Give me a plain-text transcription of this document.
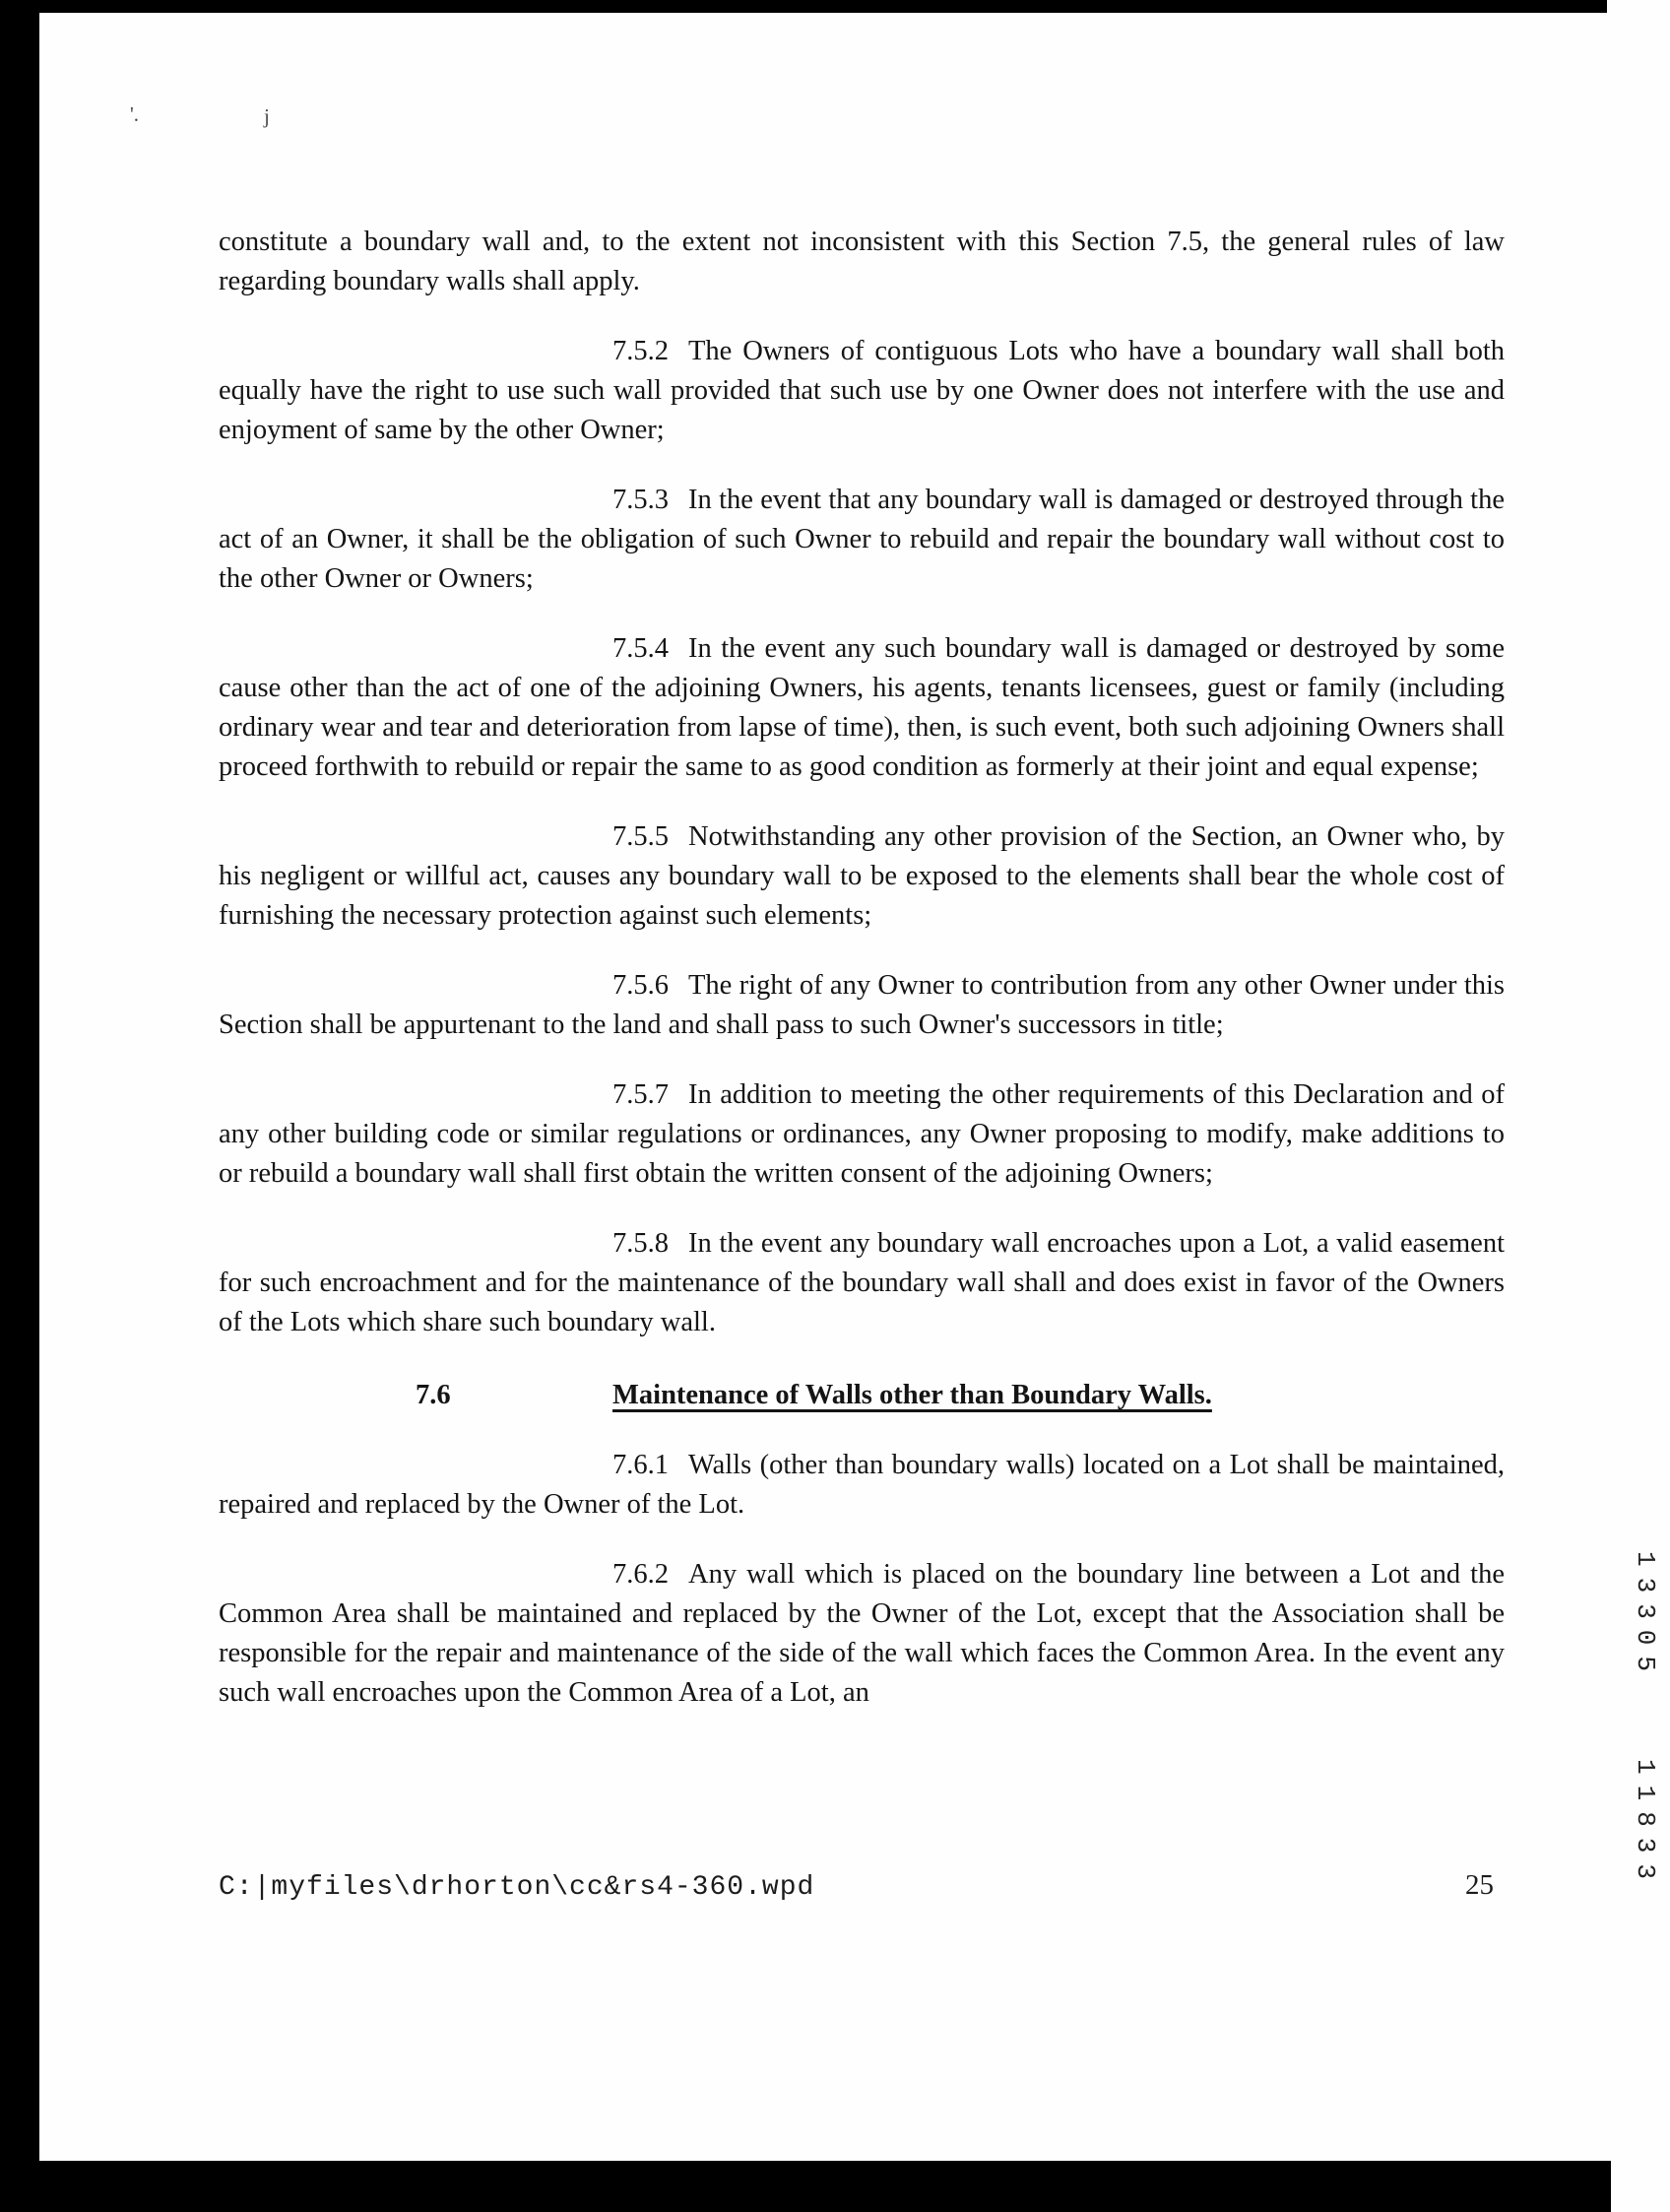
'.	j
13305
11833

constitute a boundary wall and, to the extent not inconsistent with this Section 7.5, the general rules of law regarding boundary walls shall apply.

7.5.2 The Owners of contiguous Lots who have a boundary wall shall both equally have the right to use such wall provided that such use by one Owner does not interfere with the use and enjoyment of same by the other Owner;

7.5.3 In the event that any boundary wall is damaged or destroyed through the act of an Owner, it shall be the obligation of such Owner to rebuild and repair the boundary wall without cost to the other Owner or Owners;

7.5.4 In the event any such boundary wall is damaged or destroyed by some cause other than the act of one of the adjoining Owners, his agents, tenants licensees, guest or family (including ordinary wear and tear and deterioration from lapse of time), then, is such event, both such adjoining Owners shall proceed forthwith to rebuild or repair the same to as good condition as formerly at their joint and equal expense;

7.5.5 Notwithstanding any other provision of the Section, an Owner who, by his negligent or willful act, causes any boundary wall to be exposed to the elements shall bear the whole cost of furnishing the necessary protection against such elements;

7.5.6 The right of any Owner to contribution from any other Owner under this Section shall be appurtenant to the land and shall pass to such Owner's successors in title;

7.5.7 In addition to meeting the other requirements of this Declaration and of any other building code or similar regulations or ordinances, any Owner proposing to modify, make additions to or rebuild a boundary wall shall first obtain the written consent of the adjoining Owners;

7.5.8 In the event any boundary wall encroaches upon a Lot, a valid easement for such encroachment and for the maintenance of the boundary wall shall and does exist in favor of the Owners of the Lots which share such boundary wall.

7.6	Maintenance of Walls other than Boundary Walls.

7.6.1 Walls (other than boundary walls) located on a Lot shall be maintained, repaired and replaced by the Owner of the Lot.

7.6.2 Any wall which is placed on the boundary line between a Lot and the Common Area shall be maintained and replaced by the Owner of the Lot, except that the Association shall be responsible for the repair and maintenance of the side of the wall which faces the Common Area. In the event any such wall encroaches upon the Common Area of a Lot, an

C:|myfiles\drhorton\cc&rs4-360.wpd	25
